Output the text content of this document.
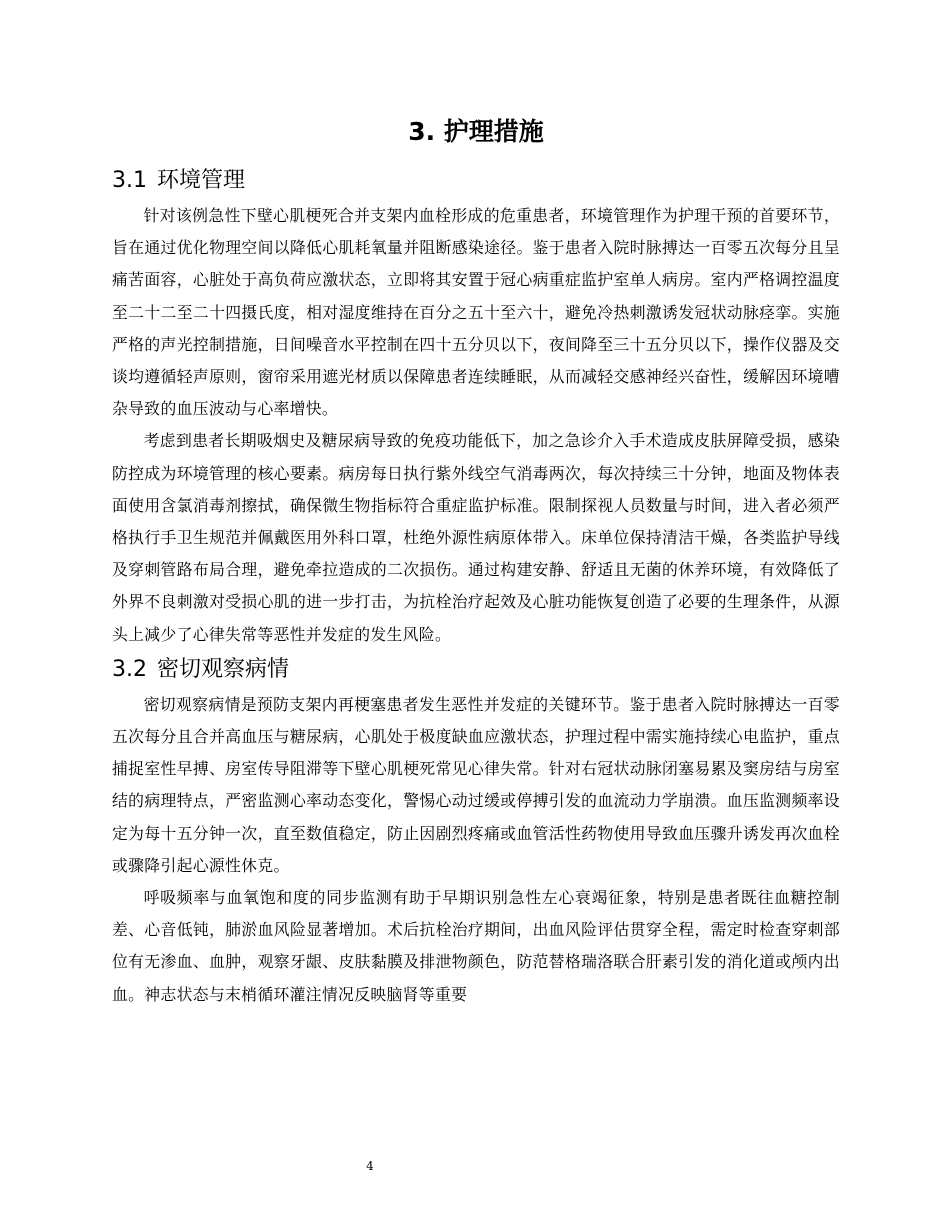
3. 护理措施
3.1 环境管理

针对该例急性下壁心肌梗死合并支架内血栓形成的危重患者，环境管理作为护理干预的首要环节，旨在通过优化物理空间以降低心肌耗氧量并阻断感染途径。鉴于患者入院时脉搏达一百零五次每分且呈痛苦面容，心脏处于高负荷应激状态，立即将其安置于冠心病重症监护室单人病房。室内严格调控温度至二十二至二十四摄氏度，相对湿度维持在百分之五十至六十，避免冷热刺激诱发冠状动脉痉挛。实施严格的声光控制措施，日间噪音水平控制在四十五分贝以下，夜间降至三十五分贝以下，操作仪器及交谈均遵循轻声原则，窗帘采用遮光材质以保障患者连续睡眠，从而减轻交感神经兴奋性，缓解因环境嘈杂导致的血压波动与心率增快。

考虑到患者长期吸烟史及糖尿病导致的免疫功能低下，加之急诊介入手术造成皮肤屏障受损，感染防控成为环境管理的核心要素。病房每日执行紫外线空气消毒两次，每次持续三十分钟，地面及物体表面使用含氯消毒剂擦拭，确保微生物指标符合重症监护标准。限制探视人员数量与时间，进入者必须严格执行手卫生规范并佩戴医用外科口罩，杜绝外源性病原体带入。床单位保持清洁干燥，各类监护导线及穿刺管路布局合理，避免牵拉造成的二次损伤。通过构建安静、舒适且无菌的休养环境，有效降低了外界不良刺激对受损心肌的进一步打击，为抗栓治疗起效及心脏功能恢复创造了必要的生理条件，从源头上减少了心律失常等恶性并发症的发生风险。

3.2 密切观察病情

密切观察病情是预防支架内再梗塞患者发生恶性并发症的关键环节。鉴于患者入院时脉搏达一百零五次每分且合并高血压与糖尿病，心肌处于极度缺血应激状态，护理过程中需实施持续心电监护，重点捕捉室性早搏、房室传导阻滞等下壁心肌梗死常见心律失常。针对右冠状动脉闭塞易累及窦房结与房室结的病理特点，严密监测心率动态变化，警惕心动过缓或停搏引发的血流动力学崩溃。血压监测频率设定为每十五分钟一次，直至数值稳定，防止因剧烈疼痛或血管活性药物使用导致血压骤升诱发再次血栓或骤降引起心源性休克。

呼吸频率与血氧饱和度的同步监测有助于早期识别急性左心衰竭征象，特别是患者既往血糖控制差、心音低钝，肺淤血风险显著增加。术后抗栓治疗期间，出血风险评估贯穿全程，需定时检查穿刺部位有无渗血、血肿，观察牙龈、皮肤黏膜及排泄物颜色，防范替格瑞洛联合肝素引发的消化道或颅内出血。神志状态与末梢循环灌注情况反映脑肾等重要

4
